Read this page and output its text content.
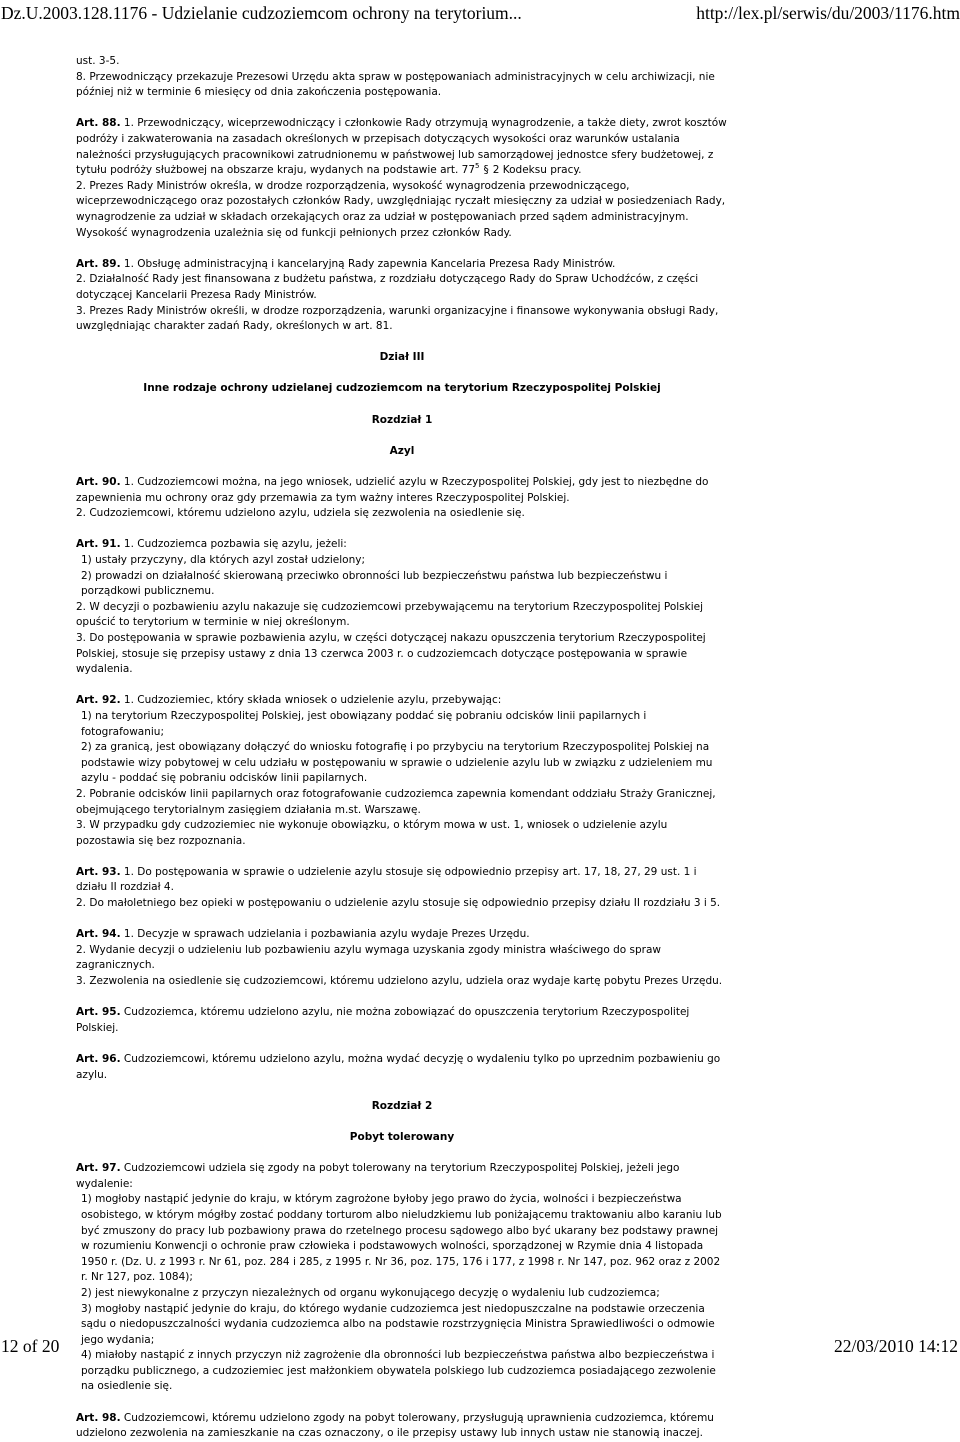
Dz.U.2003.128.1176 - Udzielanie cudzoziemcom ochrony na terytorium...	http://lex.pl/serwis/du/2003/1176.htm

ust. 3-5.

8. Przewodniczący przekazuje Prezesowi Urzędu akta spraw w postępowaniach administracyjnych w celu archiwizacji, nie później niż w terminie 6 miesięcy od dnia zakończenia postępowania.

Art. 88. 1. Przewodniczący, wiceprzewodniczący i członkowie Rady otrzymują wynagrodzenie, a także diety, zwrot kosztów podróży i zakwaterowania na zasadach określonych w przepisach dotyczących wysokości oraz warunków ustalania należności przysługujących pracownikowi zatrudnionemu w państwowej lub samorządowej jednostce sfery budżetowej, z tytułu podróży służbowej na obszarze kraju, wydanych na podstawie art. $77^5$ § 2 Kodeksu pracy.

2. Prezes Rady Ministrów określa, w drodze rozporządzenia, wysokość wynagrodzenia przewodniczącego, wiceprzewodniczącego oraz pozostałych członków Rady, uwzględniając ryczałt miesięczny za udział w posiedzeniach Rady, wynagrodzenie za udział w składach orzekających oraz za udział w postępowaniach przed sądem administracyjnym. Wysokość wynagrodzenia uzależnia się od funkcji pełnionych przez członków Rady.

Art. 89. 1. Obsługę administracyjną i kancelaryjną Rady zapewnia Kancelaria Prezesa Rady Ministrów.

2. Działalność Rady jest finansowana z budżetu państwa, z rozdziału dotyczącego Rady do Spraw Uchodźców, z części dotyczącej Kancelarii Prezesa Rady Ministrów.

3. Prezes Rady Ministrów określi, w drodze rozporządzenia, warunki organizacyjne i finansowe wykonywania obsługi Rady, uwzględniając charakter zadań Rady, określonych w art. 81.

Dział III

Inne rodzaje ochrony udzielanej cudzoziemcom na terytorium Rzeczypospolitej Polskiej

Rozdział 1

Azyl

Art. 90. 1. Cudzoziemcowi można, na jego wniosek, udzielić azylu w Rzeczypospolitej Polskiej, gdy jest to niezbędne do zapewnienia mu ochrony oraz gdy przemawia za tym ważny interes Rzeczypospolitej Polskiej.

2. Cudzoziemcowi, któremu udzielono azylu, udziela się zezwolenia na osiedlenie się.

Art. 91. 1. Cudzoziemca pozbawia się azylu, jeżeli:

1) ustały przyczyny, dla których azyl został udzielony;

2) prowadzi on działalność skierowaną przeciwko obronności lub bezpieczeństwu państwa lub bezpieczeństwu i porządkowi publicznemu.

2. W decyzji o pozbawieniu azylu nakazuje się cudzoziemcowi przebywającemu na terytorium Rzeczypospolitej Polskiej opuścić to terytorium w terminie w niej określonym.

3. Do postępowania w sprawie pozbawienia azylu, w części dotyczącej nakazu opuszczenia terytorium Rzeczypospolitej Polskiej, stosuje się przepisy ustawy z dnia 13 czerwca 2003 r. o cudzoziemcach dotyczące postępowania w sprawie wydalenia.

Art. 92. 1. Cudzoziemiec, który składa wniosek o udzielenie azylu, przebywając:

1) na terytorium Rzeczypospolitej Polskiej, jest obowiązany poddać się pobraniu odcisków linii papilarnych i fotografowaniu;

2) za granicą, jest obowiązany dołączyć do wniosku fotografię i po przybyciu na terytorium Rzeczypospolitej Polskiej na podstawie wizy pobytowej w celu udziału w postępowaniu w sprawie o udzielenie azylu lub w związku z udzieleniem mu azylu - poddać się pobraniu odcisków linii papilarnych.

2. Pobranie odcisków linii papilarnych oraz fotografowanie cudzoziemca zapewnia komendant oddziału Straży Granicznej, obejmującego terytorialnym zasięgiem działania m.st. Warszawę.

3. W przypadku gdy cudzoziemiec nie wykonuje obowiązku, o którym mowa w ust. 1, wniosek o udzielenie azylu pozostawia się bez rozpoznania.

Art. 93. 1. Do postępowania w sprawie o udzielenie azylu stosuje się odpowiednio przepisy art. 17, 18, 27, 29 ust. 1 i działu II rozdział 4.

2. Do małoletniego bez opieki w postępowaniu o udzielenie azylu stosuje się odpowiednio przepisy działu II rozdziału 3 i 5.

Art. 94. 1. Decyzje w sprawach udzielania i pozbawiania azylu wydaje Prezes Urzędu.

2. Wydanie decyzji o udzieleniu lub pozbawieniu azylu wymaga uzyskania zgody ministra właściwego do spraw zagranicznych.

3. Zezwolenia na osiedlenie się cudzoziemcowi, któremu udzielono azylu, udziela oraz wydaje kartę pobytu Prezes Urzędu.

Art. 95. Cudzoziemca, któremu udzielono azylu, nie można zobowiązać do opuszczenia terytorium Rzeczypospolitej Polskiej.

Art. 96. Cudzoziemcowi, któremu udzielono azylu, można wydać decyzję o wydaleniu tylko po uprzednim pozbawieniu go azylu.

Rozdział 2

Pobyt tolerowany

Art. 97. Cudzoziemcowi udziela się zgody na pobyt tolerowany na terytorium Rzeczypospolitej Polskiej, jeżeli jego wydalenie:

1) mogłoby nastąpić jedynie do kraju, w którym zagrożone byłoby jego prawo do życia, wolności i bezpieczeństwa osobistego, w którym mógłby zostać poddany torturom albo nieludzkiemu lub poniżającemu traktowaniu albo karaniu lub być zmuszony do pracy lub pozbawiony prawa do rzetelnego procesu sądowego albo być ukarany bez podstawy prawnej w rozumieniu Konwencji o ochronie praw człowieka i podstawowych wolności, sporządzonej w Rzymie dnia 4 listopada 1950 r. (Dz. U. z 1993 r. Nr 61, poz. 284 i 285, z 1995 r. Nr 36, poz. 175, 176 i 177, z 1998 r. Nr 147, poz. 962 oraz z 2002 r. Nr 127, poz. 1084);

2) jest niewykonalne z przyczyn niezależnych od organu wykonującego decyzję o wydaleniu lub cudzoziemca;

3) mogłoby nastąpić jedynie do kraju, do którego wydanie cudzoziemca jest niedopuszczalne na podstawie orzeczenia sądu o niedopuszczalności wydania cudzoziemca albo na podstawie rozstrzygnięcia Ministra Sprawiedliwości o odmowie jego wydania;

4) miałoby nastąpić z innych przyczyn niż zagrożenie dla obronności lub bezpieczeństwa państwa albo bezpieczeństwa i porządku publicznego, a cudzoziemiec jest małżonkiem obywatela polskiego lub cudzoziemca posiadającego zezwolenie na osiedlenie się.

Art. 98. Cudzoziemcowi, któremu udzielono zgody na pobyt tolerowany, przysługują uprawnienia cudzoziemca, któremu udzielono zezwolenia na zamieszkanie na czas oznaczony, o ile przepisy ustawy lub innych ustaw nie stanowią inaczej.

12 of 20	22/03/2010 14:12
